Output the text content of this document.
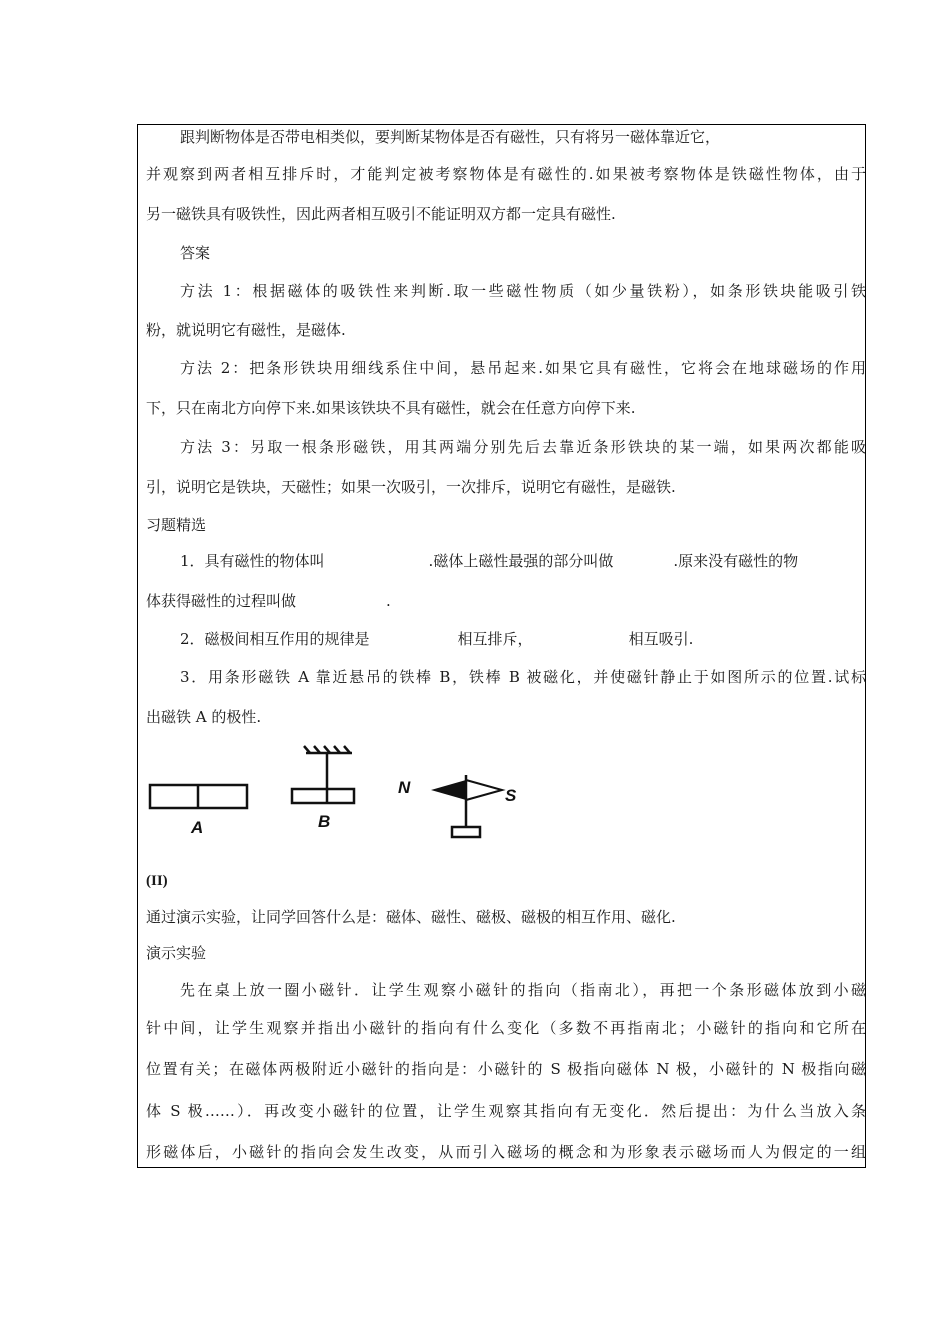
跟判断物体是否带电相类似，要判断某物体是否有磁性，只有将另一磁体靠近它，
并观察到两者相互排斥时，才能判定被考察物体是有磁性的.如果被考察物体是铁磁性物体，由于
另一磁铁具有吸铁性，因此两者相互吸引不能证明双方都一定具有磁性.
答案
方法 1：根据磁体的吸铁性来判断.取一些磁性物质（如少量铁粉），如条形铁块能吸引铁
粉，就说明它有磁性，是磁体.
方法 2：把条形铁块用细线系住中间，悬吊起来.如果它具有磁性，它将会在地球磁场的作用
下，只在南北方向停下来.如果该铁块不具有磁性，就会在任意方向停下来.
方法 3：另取一根条形磁铁，用其两端分别先后去靠近条形铁块的某一端，如果两次都能吸
引，说明它是铁块，天磁性；如果一次吸引，一次排斥，说明它有磁性，是磁铁.
习题精选
1．具有磁性的物体叫	.磁体上磁性最强的部分叫做	.原来没有磁性的物
体获得磁性的过程叫做	.
2．磁极间相互作用的规律是	相互排斥，	相互吸引.
3．用条形磁铁 A 靠近悬吊的铁棒 B，铁棒 B 被磁化，并使磁针静止于如图所示的位置.试标
出磁铁 A 的极性.
A	B
N	S
(II)
通过演示实验，让同学回答什么是：磁体、磁性、磁极、磁极的相互作用、磁化.
演示实验
先在桌上放一圈小磁针．让学生观察小磁针的指向（指南北），再把一个条形磁体放到小磁
针中间，让学生观察并指出小磁针的指向有什么变化（多数不再指南北；小磁针的指向和它所在
位置有关；在磁体两极附近小磁针的指向是：小磁针的 S 极指向磁体 N 极，小磁针的 N 极指向磁
体 S 极……）．再改变小磁针的位置，让学生观察其指向有无变化．然后提出：为什么当放入条
形磁体后，小磁针的指向会发生改变，从而引入磁场的概念和为形象表示磁场而人为假定的一组
